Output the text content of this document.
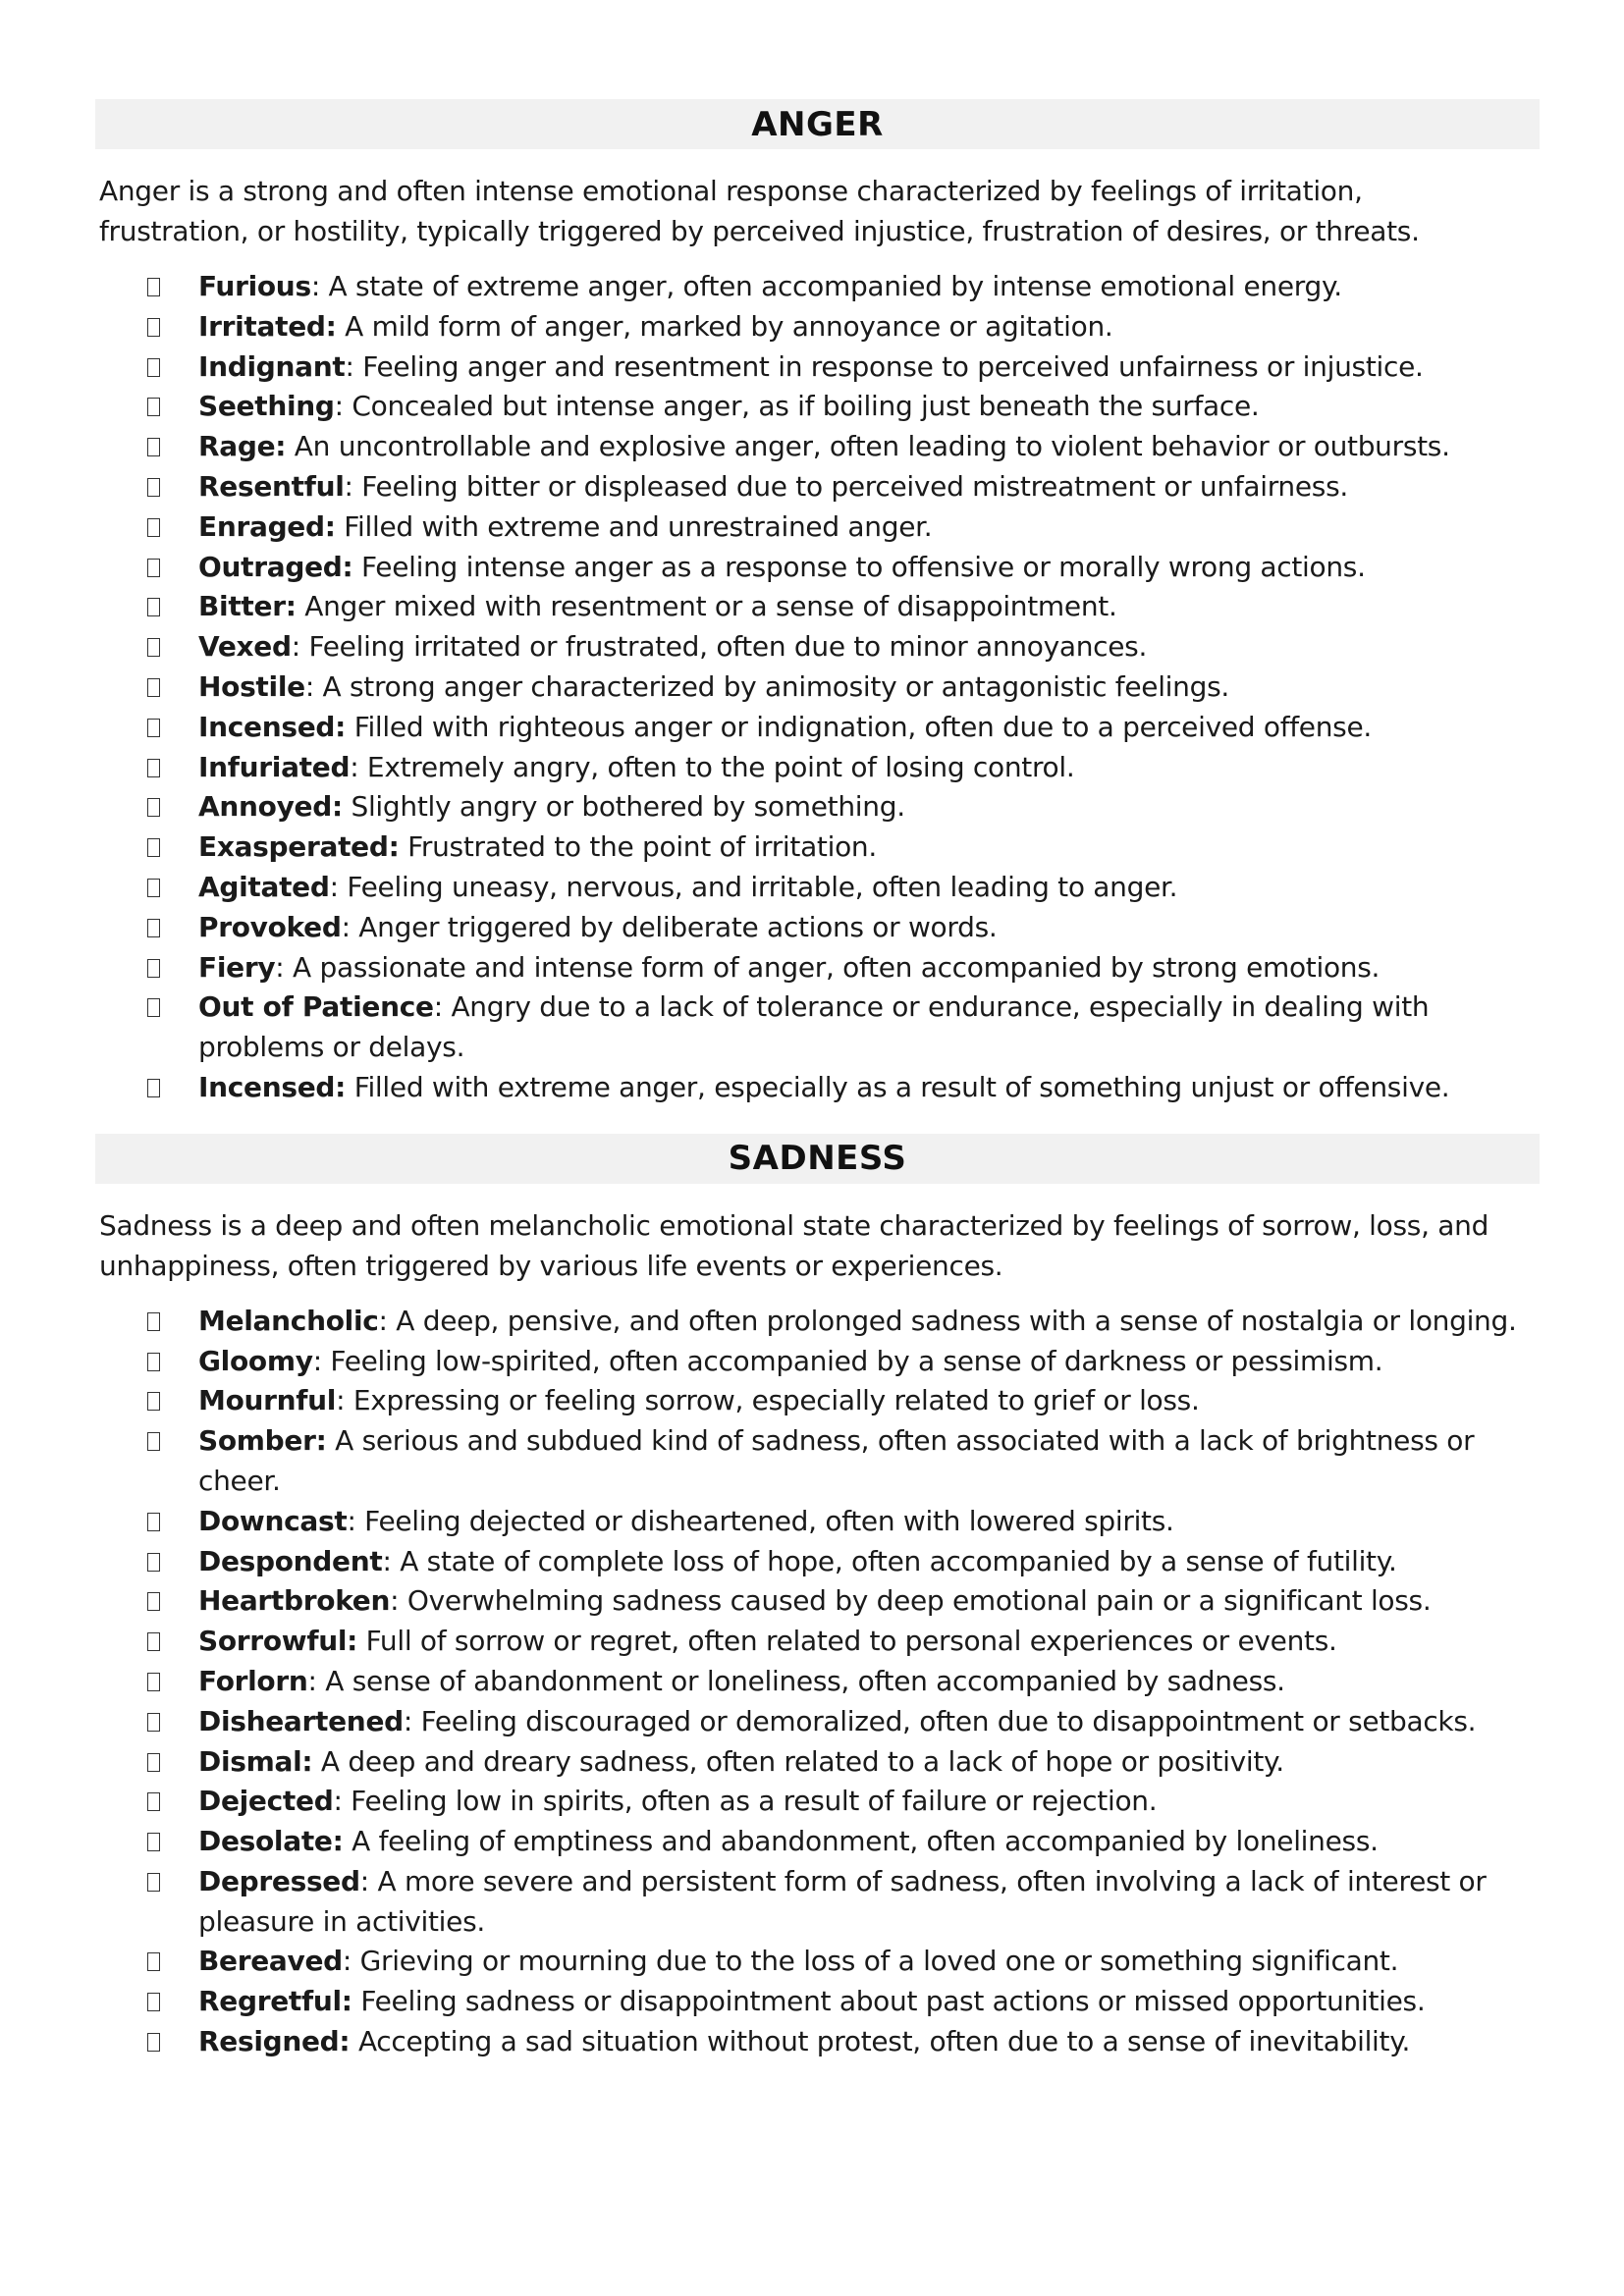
ANGER

Anger is a strong and often intense emotional response characterized by feelings of irritation, frustration, or hostility, typically triggered by perceived injustice, frustration of desires, or threats.

Furious: A state of extreme anger, often accompanied by intense emotional energy.
Irritated: A mild form of anger, marked by annoyance or agitation.
Indignant: Feeling anger and resentment in response to perceived unfairness or injustice.
Seething: Concealed but intense anger, as if boiling just beneath the surface.
Rage: An uncontrollable and explosive anger, often leading to violent behavior or outbursts.
Resentful: Feeling bitter or displeased due to perceived mistreatment or unfairness.
Enraged: Filled with extreme and unrestrained anger.
Outraged: Feeling intense anger as a response to offensive or morally wrong actions.
Bitter: Anger mixed with resentment or a sense of disappointment.
Vexed: Feeling irritated or frustrated, often due to minor annoyances.
Hostile: A strong anger characterized by animosity or antagonistic feelings.
Incensed: Filled with righteous anger or indignation, often due to a perceived offense.
Infuriated: Extremely angry, often to the point of losing control.
Annoyed: Slightly angry or bothered by something.
Exasperated: Frustrated to the point of irritation.
Agitated: Feeling uneasy, nervous, and irritable, often leading to anger.
Provoked: Anger triggered by deliberate actions or words.
Fiery: A passionate and intense form of anger, often accompanied by strong emotions.
Out of Patience: Angry due to a lack of tolerance or endurance, especially in dealing with problems or delays.
Incensed: Filled with extreme anger, especially as a result of something unjust or offensive.
SADNESS

Sadness is a deep and often melancholic emotional state characterized by feelings of sorrow, loss, and unhappiness, often triggered by various life events or experiences.

Melancholic: A deep, pensive, and often prolonged sadness with a sense of nostalgia or longing.
Gloomy: Feeling low-spirited, often accompanied by a sense of darkness or pessimism.
Mournful: Expressing or feeling sorrow, especially related to grief or loss.
Somber: A serious and subdued kind of sadness, often associated with a lack of brightness or cheer.
Downcast: Feeling dejected or disheartened, often with lowered spirits.
Despondent: A state of complete loss of hope, often accompanied by a sense of futility.
Heartbroken: Overwhelming sadness caused by deep emotional pain or a significant loss.
Sorrowful: Full of sorrow or regret, often related to personal experiences or events.
Forlorn: A sense of abandonment or loneliness, often accompanied by sadness.
Disheartened: Feeling discouraged or demoralized, often due to disappointment or setbacks.
Dismal: A deep and dreary sadness, often related to a lack of hope or positivity.
Dejected: Feeling low in spirits, often as a result of failure or rejection.
Desolate: A feeling of emptiness and abandonment, often accompanied by loneliness.
Depressed: A more severe and persistent form of sadness, often involving a lack of interest or pleasure in activities.
Bereaved: Grieving or mourning due to the loss of a loved one or something significant.
Regretful: Feeling sadness or disappointment about past actions or missed opportunities.
Resigned: Accepting a sad situation without protest, often due to a sense of inevitability.
